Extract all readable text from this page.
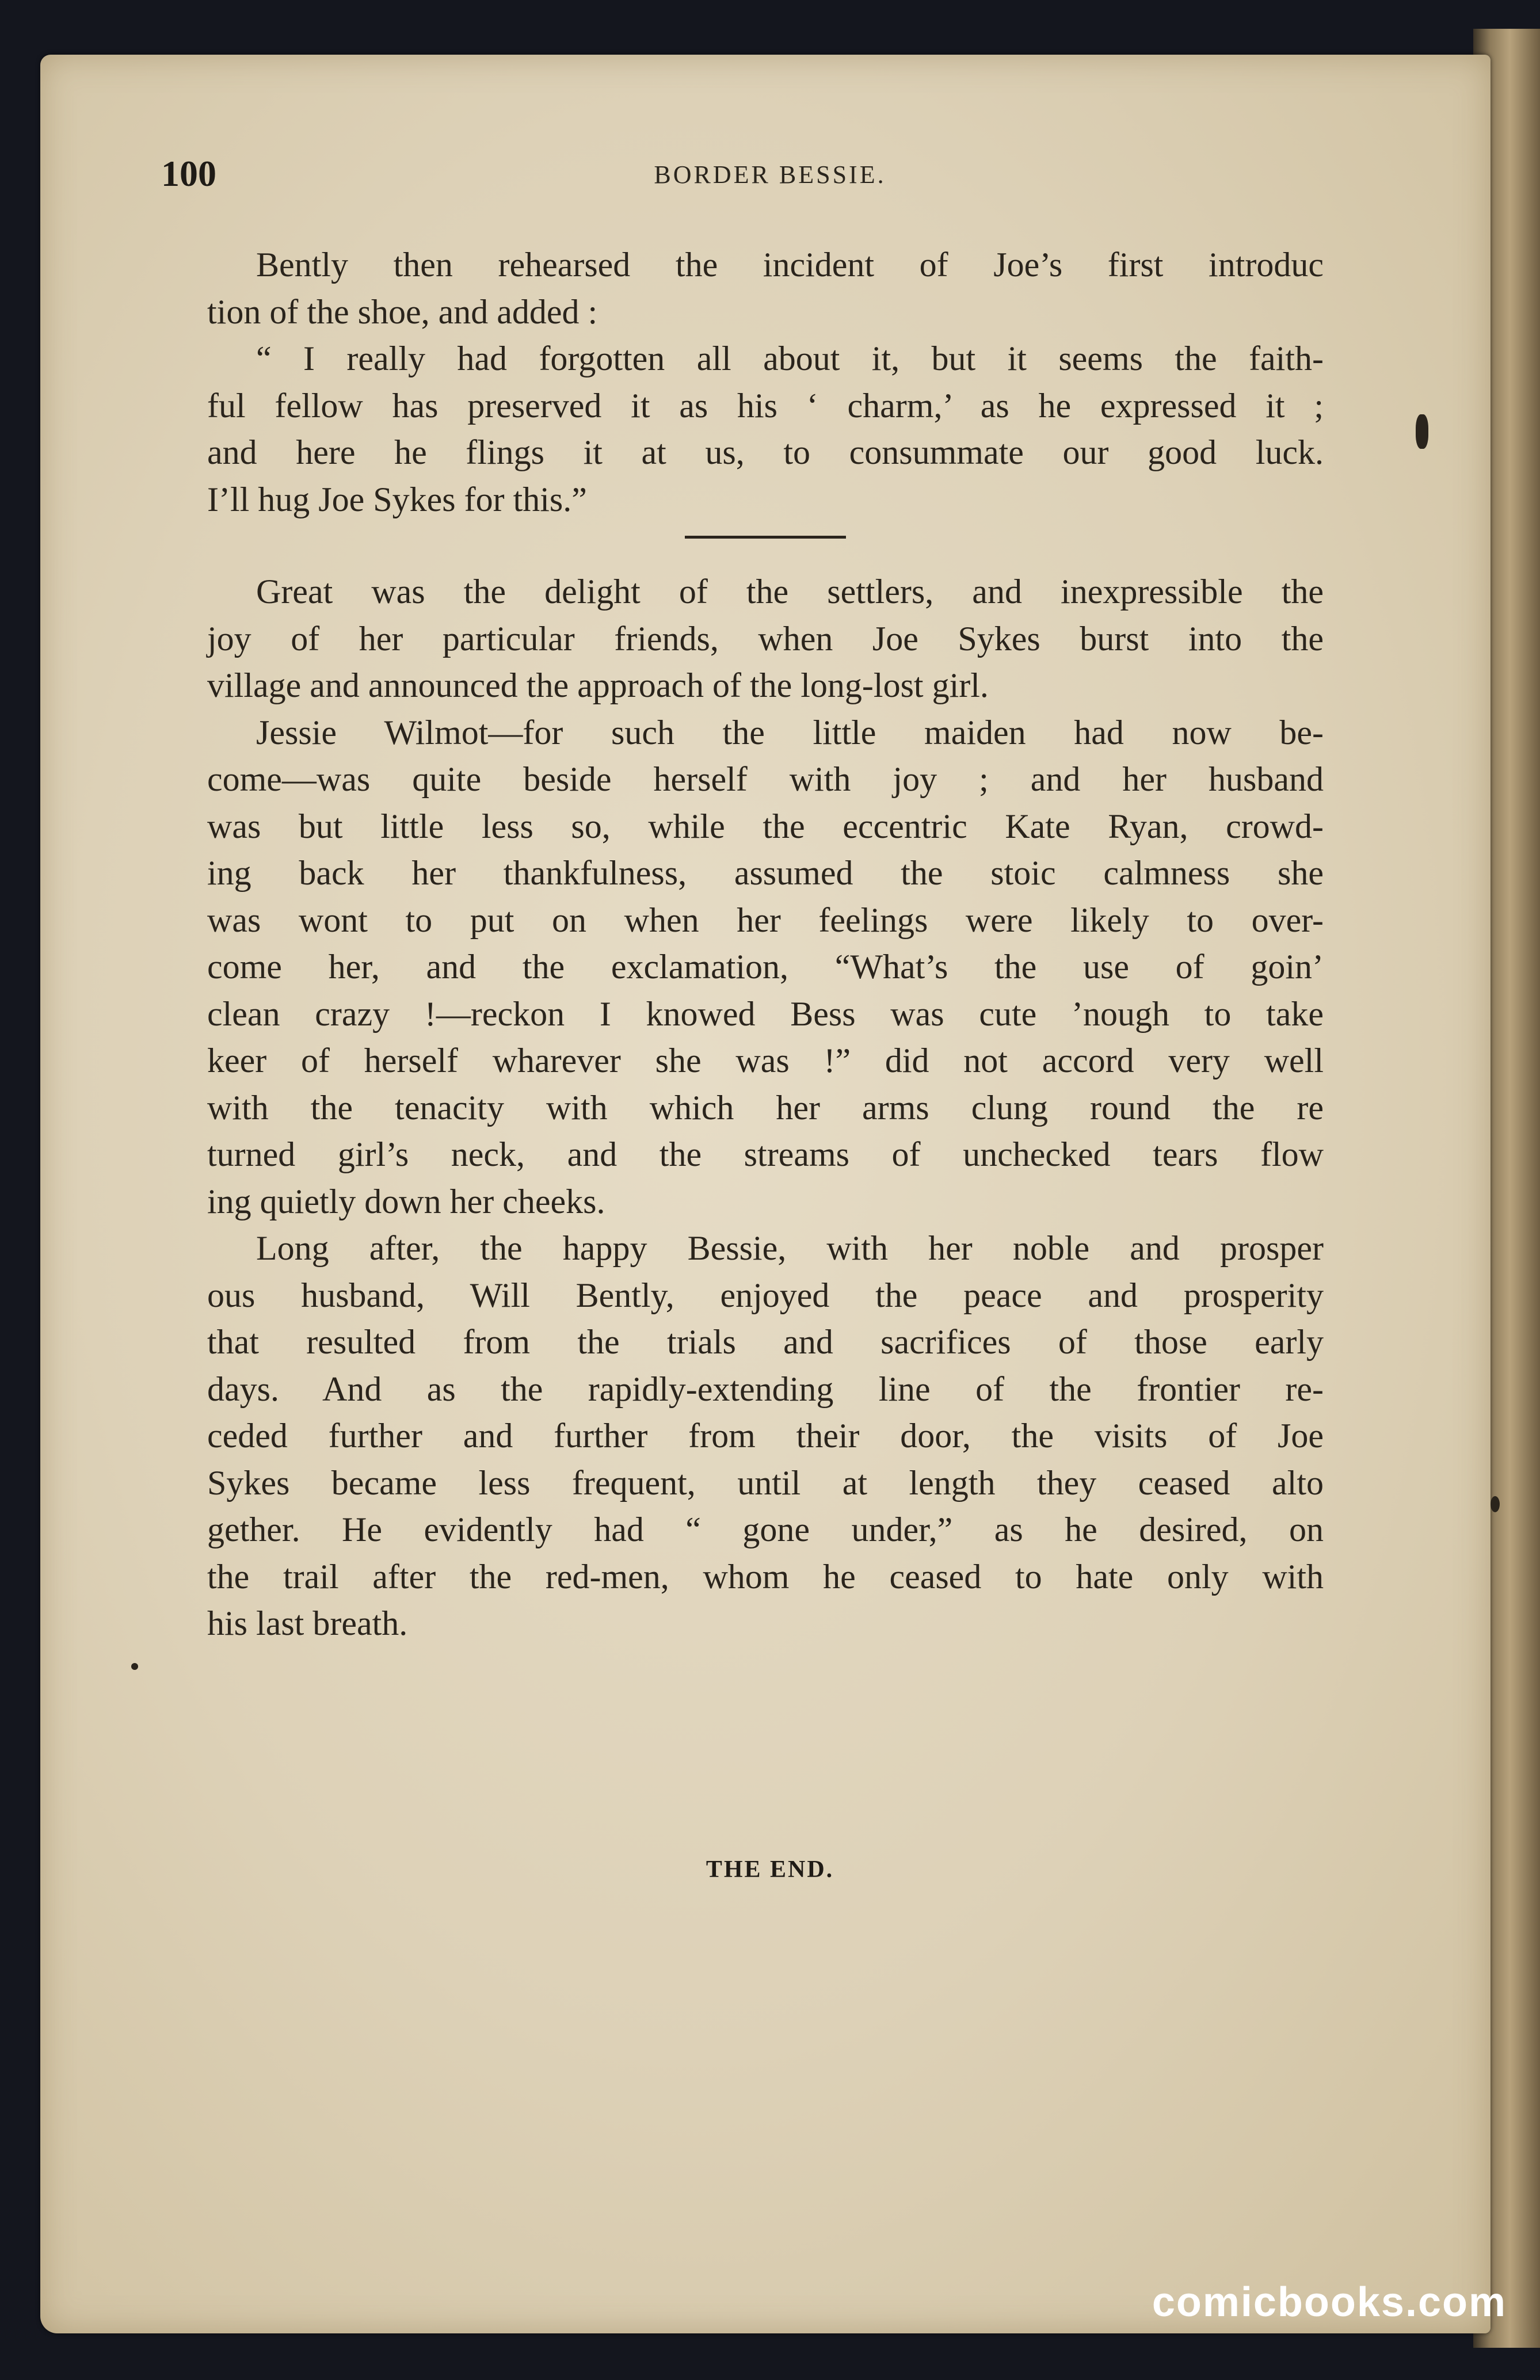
100	BORDER BESSIE.
Bently then rehearsed the incident of Joe’s first introduc
tion of the shoe, and added :
“ I really had forgotten all about it, but it seems the faith-
ful fellow has preserved it as his ‘ charm,’ as he expressed it ;
and here he flings it at us, to consummate our good luck.
I’ll hug Joe Sykes for this.”
Great was the delight of the settlers, and inexpressible the
joy of her particular friends, when Joe Sykes burst into the
village and announced the approach of the long-lost girl.
Jessie Wilmot—for such the little maiden had now be-
come—was quite beside herself with joy ; and her husband
was but little less so, while the eccentric Kate Ryan, crowd-
ing back her thankfulness, assumed the stoic calmness she
was wont to put on when her feelings were likely to over-
come her, and the exclamation, “What’s the use of goin’
clean crazy !—reckon I knowed Bess was cute ’nough to take
keer of herself wharever she was !” did not accord very well
with the tenacity with which her arms clung round the re
turned girl’s neck, and the streams of unchecked tears flow
ing quietly down her cheeks.
Long after, the happy Bessie, with her noble and prosper
ous husband, Will Bently, enjoyed the peace and prosperity
that resulted from the trials and sacrifices of those early
days. And as the rapidly-extending line of the frontier re-
ceded further and further from their door, the visits of Joe
Sykes became less frequent, until at length they ceased alto
gether. He evidently had “ gone under,” as he desired, on
the trail after the red-men, whom he ceased to hate only with
his last breath.
THE END.
comicbooks.com
